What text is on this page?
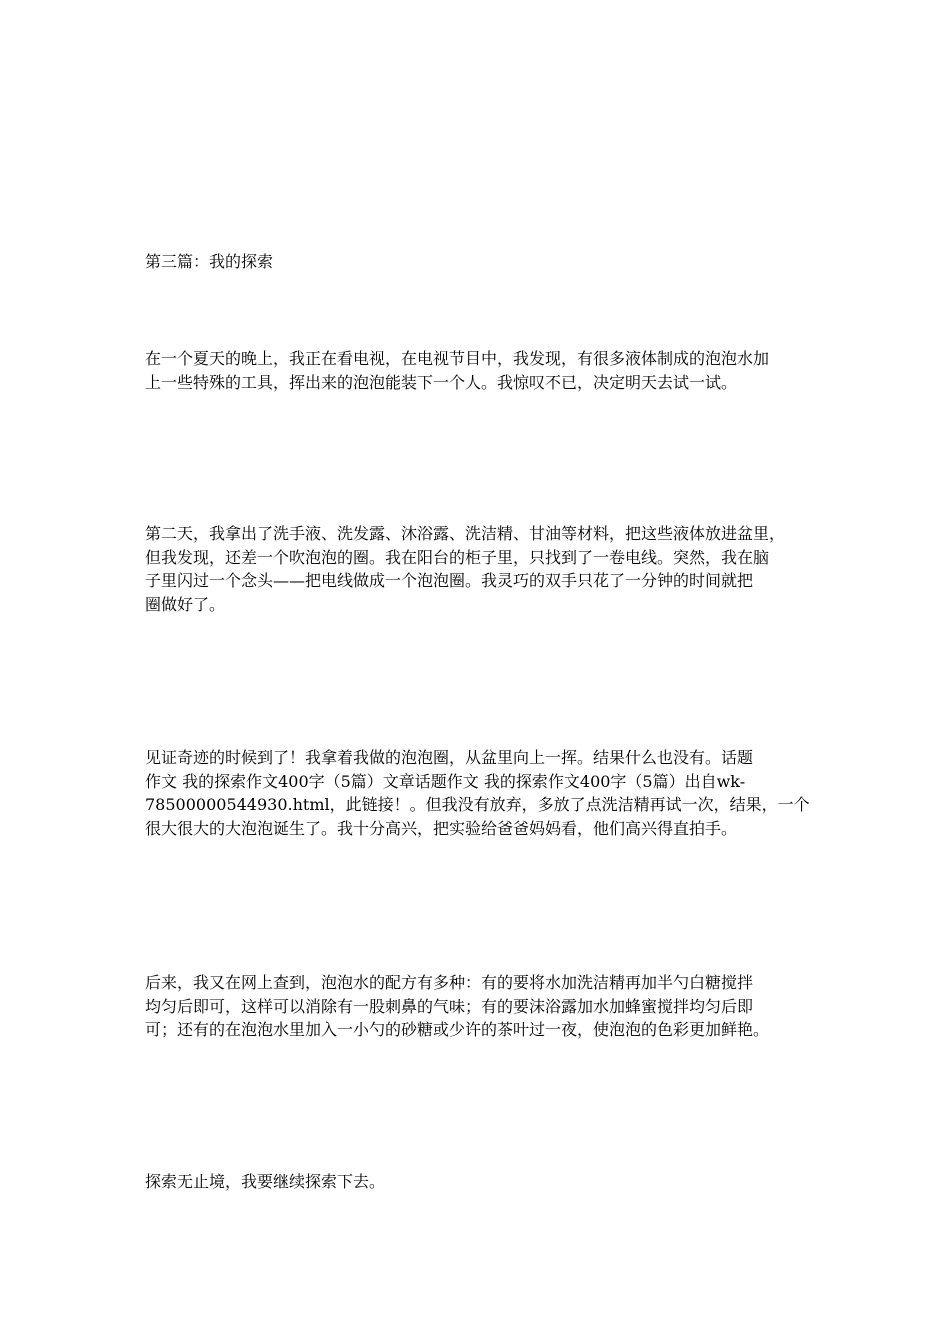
第三篇：我的探索
在一个夏天的晚上，我正在看电视，在电视节目中，我发现，有很多液体制成的泡泡水加
上一些特殊的工具，挥出来的泡泡能装下一个人。我惊叹不已，决定明天去试一试。
第二天，我拿出了洗手液、洗发露、沐浴露、洗洁精、甘油等材料，把这些液体放进盆里，
但我发现，还差一个吹泡泡的圈。我在阳台的柜子里，只找到了一卷电线。突然，我在脑
子里闪过一个念头——把电线做成一个泡泡圈。我灵巧的双手只花了一分钟的时间就把
圈做好了。
见证奇迹的时候到了！我拿着我做的泡泡圈，从盆里向上一挥。结果什么也没有。话题
作文 我的探索作文400字（5篇）文章话题作文 我的探索作文400字（5篇）出自wk-
78500000544930.html，此链接！。但我没有放弃，多放了点洗洁精再试一次，结果，一个
很大很大的大泡泡诞生了。我十分高兴，把实验给爸爸妈妈看，他们高兴得直拍手。
后来，我又在网上查到，泡泡水的配方有多种：有的要将水加洗洁精再加半勺白糖搅拌
均匀后即可，这样可以消除有一股刺鼻的气味；有的要沫浴露加水加蜂蜜搅拌均匀后即
可；还有的在泡泡水里加入一小勺的砂糖或少许的茶叶过一夜，使泡泡的色彩更加鲜艳。
探索无止境，我要继续探索下去。
